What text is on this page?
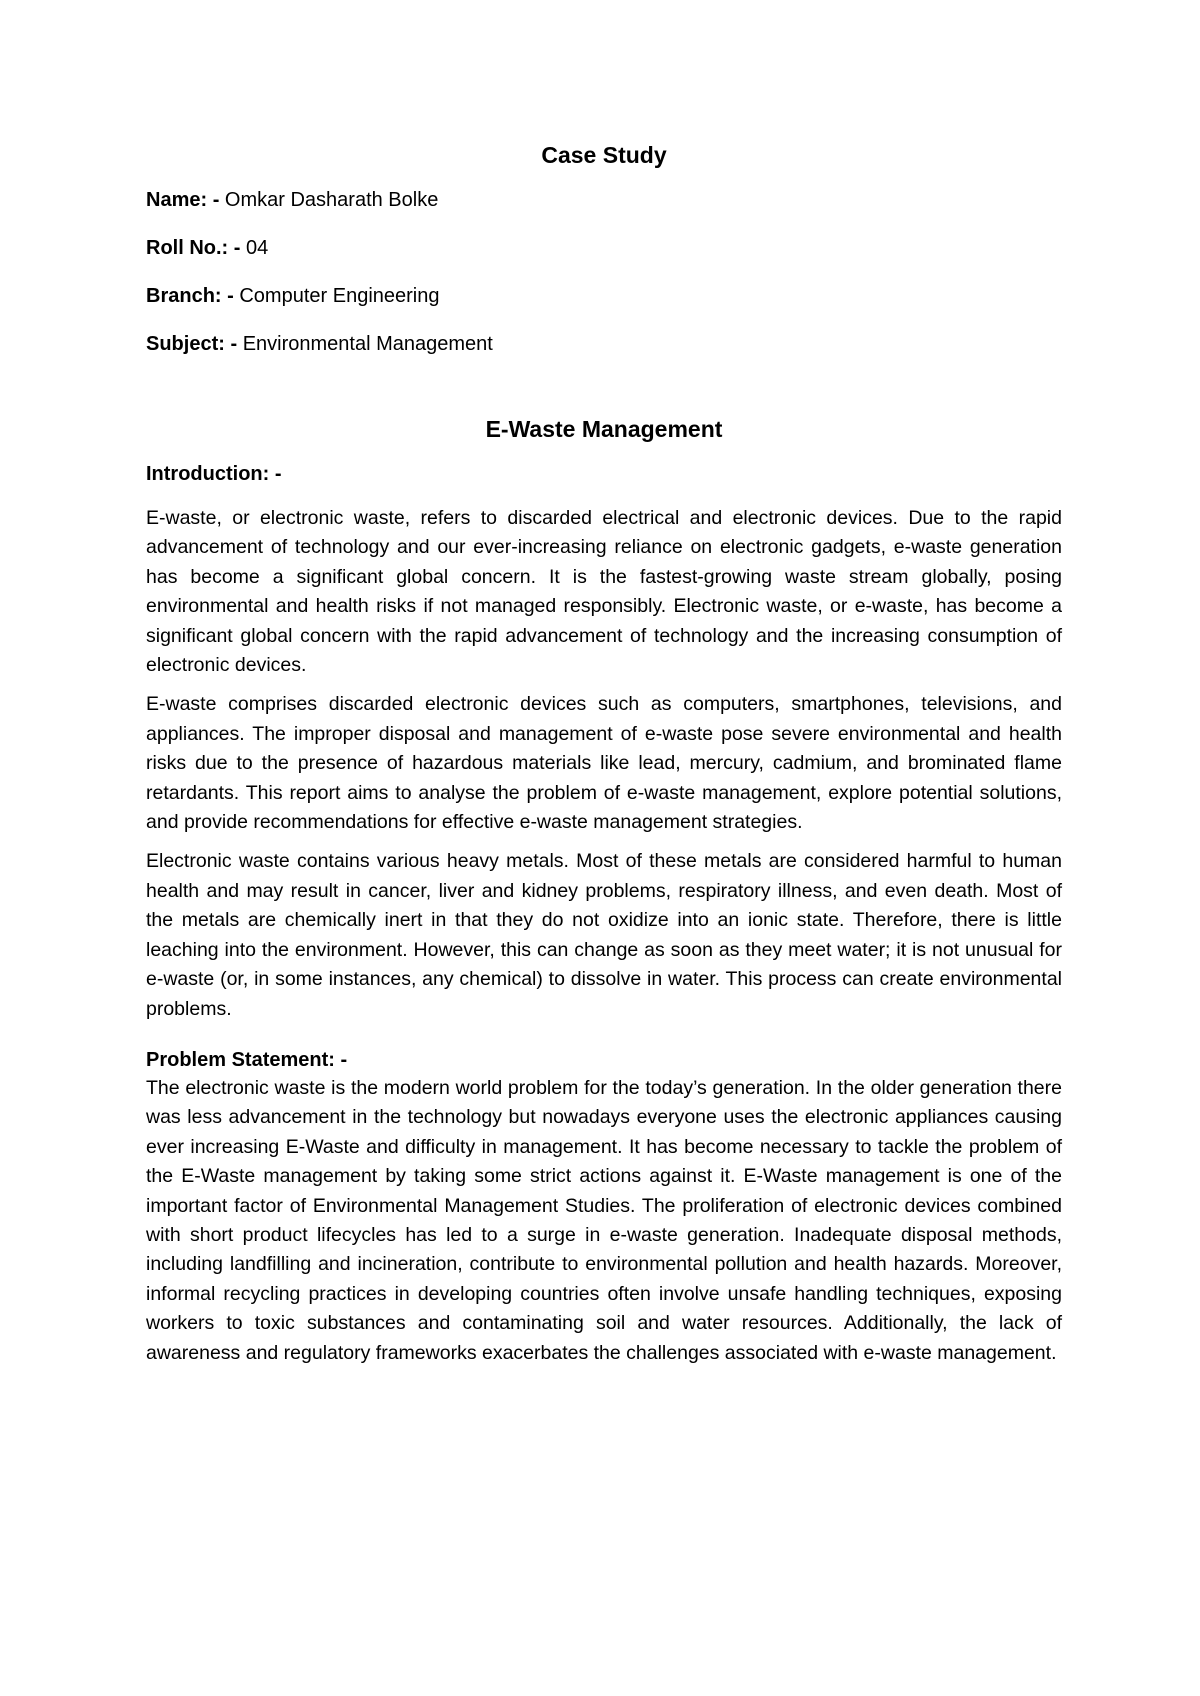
Case Study
Name: - Omkar Dasharath Bolke
Roll No.: - 04
Branch: - Computer Engineering
Subject: - Environmental Management
E-Waste Management
Introduction: -

E-waste, or electronic waste, refers to discarded electrical and electronic devices. Due to the rapid advancement of technology and our ever-increasing reliance on electronic gadgets, e-waste generation has become a significant global concern. It is the fastest-growing waste stream globally, posing environmental and health risks if not managed responsibly. Electronic waste, or e-waste, has become a significant global concern with the rapid advancement of technology and the increasing consumption of electronic devices.

E-waste comprises discarded electronic devices such as computers, smartphones, televisions, and appliances. The improper disposal and management of e-waste pose severe environmental and health risks due to the presence of hazardous materials like lead, mercury, cadmium, and brominated flame retardants. This report aims to analyse the problem of e-waste management, explore potential solutions, and provide recommendations for effective e-waste management strategies.

Electronic waste contains various heavy metals. Most of these metals are considered harmful to human health and may result in cancer, liver and kidney problems, respiratory illness, and even death. Most of the metals are chemically inert in that they do not oxidize into an ionic state. Therefore, there is little leaching into the environment. However, this can change as soon as they meet water; it is not unusual for e-waste (or, in some instances, any chemical) to dissolve in water. This process can create environmental problems.

Problem Statement: -

The electronic waste is the modern world problem for the today’s generation. In the older generation there was less advancement in the technology but nowadays everyone uses the electronic appliances causing ever increasing E-Waste and difficulty in management. It has become necessary to tackle the problem of the E-Waste management by taking some strict actions against it. E-Waste management is one of the important factor of Environmental Management Studies. The proliferation of electronic devices combined with short product lifecycles has led to a surge in e-waste generation. Inadequate disposal methods, including landfilling and incineration, contribute to environmental pollution and health hazards. Moreover, informal recycling practices in developing countries often involve unsafe handling techniques, exposing workers to toxic substances and contaminating soil and water resources. Additionally, the lack of awareness and regulatory frameworks exacerbates the challenges associated with e-waste management.
